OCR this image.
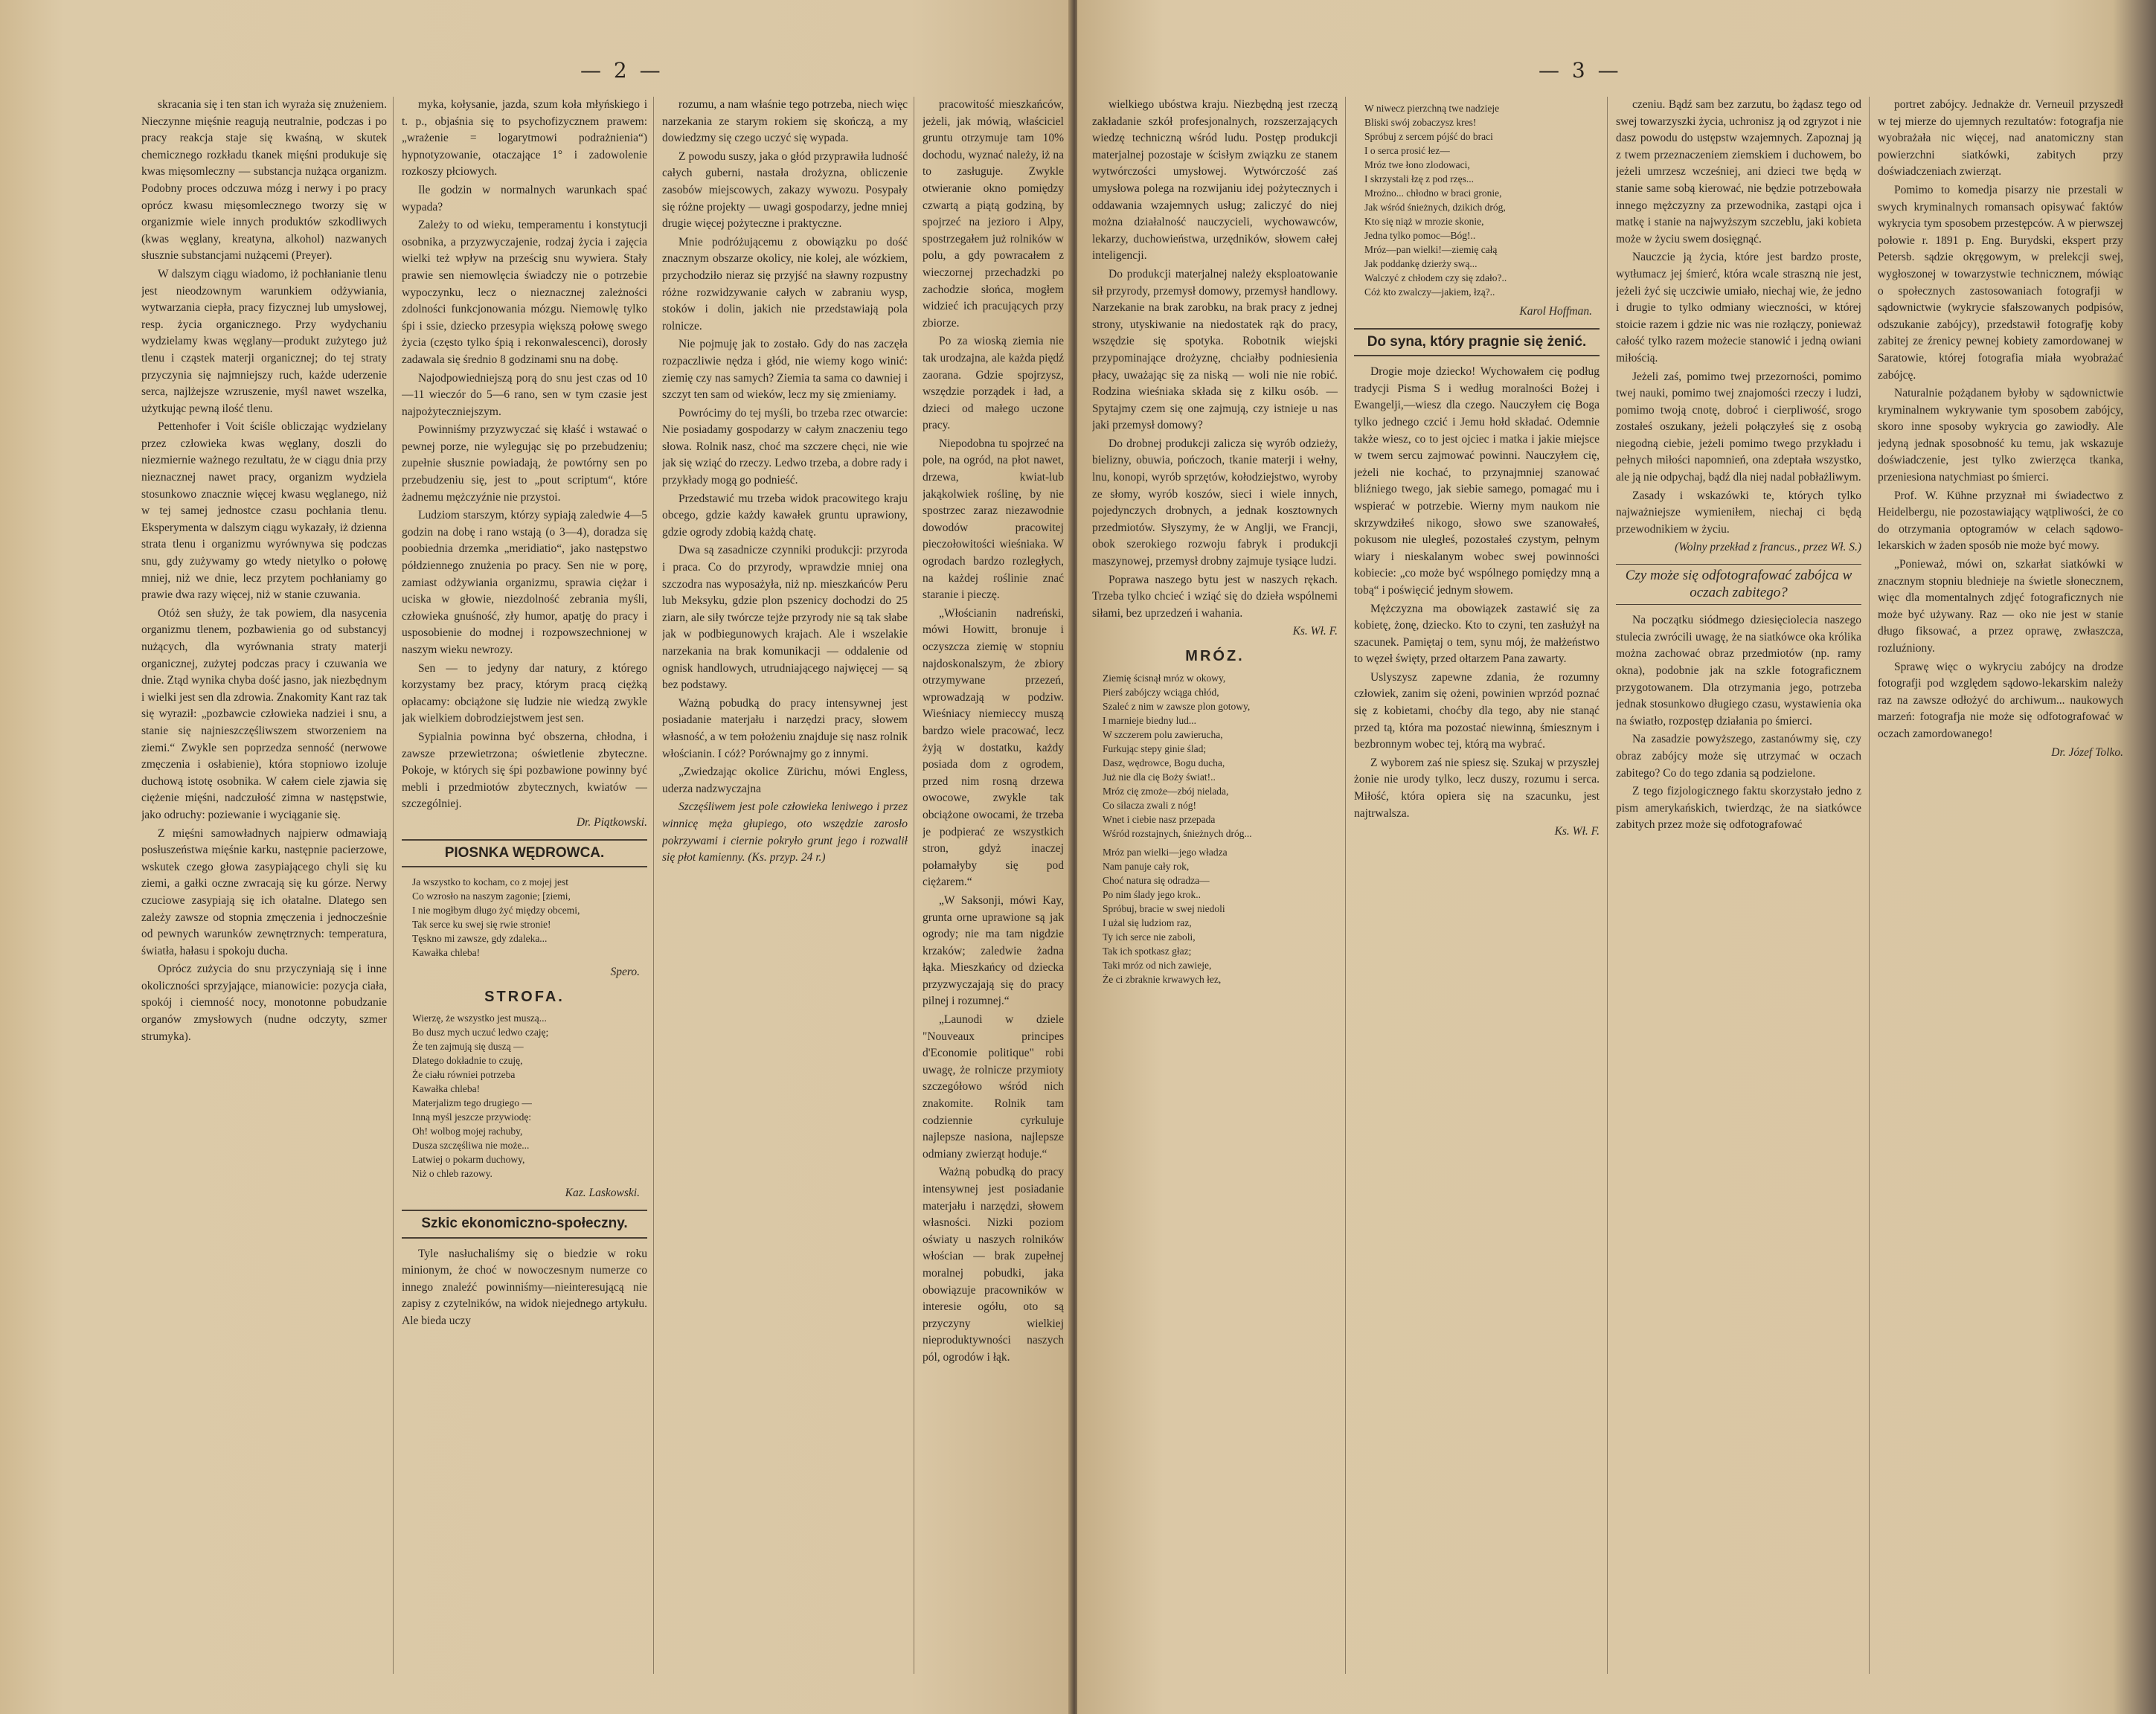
— 2 —

skracania się i ten stan ich wyraża się znużeniem. Nieczynne mięśnie reagują neutralnie, podczas i po pracy reakcja staje się kwaśną, w skutek chemicznego rozkładu tkanek mięśni produkuje się kwas mięsomleczny — substancja nużąca organizm. Podobny proces odczuwa mózg i nerwy i po pracy oprócz kwasu mięsomlecznego tworzy się w organizmie wiele innych produktów szkodliwych (kwas węglany, kreatyna, alkohol) nazwanych słusznie substancjami nużącemi (Preyer).

W dalszym ciągu wiadomo, iż pochłanianie tlenu jest nieodzownym warunkiem odżywiania, wytwarzania ciepła, pracy fizycznej lub umysłowej, resp. życia organicznego. Przy wydychaniu wydzielamy kwas węglany—produkt zużytego już tlenu i cząstek materji organicznej; do tej straty przyczynia się najmniejszy ruch, każde uderzenie serca, najlżejsze wzruszenie, myśl nawet wszelka, użytkując pewną ilość tlenu.

Pettenhofer i Voit ściśle obliczając wydzielany przez człowieka kwas węglany, doszli do niezmiernie ważnego rezultatu, że w ciągu dnia przy nieznacznej nawet pracy, organizm wydziela stosunkowo znacznie więcej kwasu węglanego, niż w tej samej jednostce czasu pochłania tlenu. Eksperymenta w dalszym ciągu wykazały, iż dzienna strata tlenu i organizmu wyrównywa się podczas snu, gdy zużywamy go wtedy nietylko o połowę mniej, niż we dnie, lecz przytem pochłaniamy go prawie dwa razy więcej, niż w stanie czuwania.

Otóż sen służy, że tak powiem, dla nasycenia organizmu tlenem, pozbawienia go od substancyj nużących, dla wyrównania straty materji organicznej, zużytej podczas pracy i czuwania we dnie. Ztąd wynika chyba dość jasno, jak niezbędnym i wielki jest sen dla zdrowia. Znakomity Kant raz tak się wyraził: „pozbawcie człowieka nadziei i snu, a stanie się najnieszczęśliwszem stworzeniem na ziemi.“ Zwykle sen poprzedza senność (nerwowe zmęczenia i osłabienie), która stopniowo izoluje duchową istotę osobnika. W całem ciele zjawia się ciężenie mięśni, nadczułość zimna w następstwie, jako odruchy: poziewanie i wyciąganie się.

Z mięśni samowładnych najpierw odmawiają posłuszeństwa mięśnie karku, następnie pacierzowe, wskutek czego głowa zasypiającego chyli się ku ziemi, a gałki oczne zwracają się ku górze. Nerwy czuciowe zasypiają się ich ołatalne. Dlatego sen zależy zawsze od stopnia zmęczenia i jednocześnie od pewnych warunków zewnętrznych: temperatura, światła, hałasu i spokoju ducha.

Oprócz zużycia do snu przyczyniają się i inne okoliczności sprzyjające, mianowicie: pozycja ciała, spokój i ciemność nocy, monotonne pobudzanie organów zmysłowych (nudne odczyty, szmer strumyka).

myka, kołysanie, jazda, szum koła młyńskiego i t. p., objaśnia się to psychofizycznem prawem: „wrażenie = logarytmowi podrażnienia“) hypnotyzowanie, otaczające 1° i zadowolenie rozkoszy płciowych.

Ile godzin w normalnych warunkach spać wypada?

Zależy to od wieku, temperamentu i konstytucji osobnika, a przyzwyczajenie, rodzaj życia i zajęcia wielki też wpływ na prześcig snu wywiera. Stały prawie sen niemowlęcia świadczy nie o potrzebie wypoczynku, lecz o nieznacznej zależności zdolności funkcjonowania mózgu. Niemowlę tylko śpi i ssie, dziecko przesypia większą połowę swego życia (często tylko śpią i rekonwalescenci), dorosły zadawala się średnio 8 godzinami snu na dobę.

Najodpowiedniejszą porą do snu jest czas od 10—11 wieczór do 5—6 rano, sen w tym czasie jest najpożyteczniejszym.

Powinniśmy przyzwyczać się kłaść i wstawać o pewnej porze, nie wylegując się po przebudzeniu; zupełnie słusznie powiadają, że powtórny sen po przebudzeniu się, jest to „pout scriptum“, które żadnemu mężczyźnie nie przystoi.

Ludziom starszym, którzy sypiają zaledwie 4—5 godzin na dobę i rano wstają (o 3—4), doradza się poobiednia drzemka „meridiatio“, jako następstwo półdziennego znużenia po pracy. Sen nie w porę, zamiast odżywiania organizmu, sprawia ciężar i uciska w głowie, niezdolność zebrania myśli, człowieka gnuśność, zły humor, apatję do pracy i usposobienie do modnej i rozpowszechnionej w naszym wieku newrozy.

Sen — to jedyny dar natury, z którego korzystamy bez pracy, którym pracą ciężką opłacamy: obciążone się ludzie nie wiedzą zwykle jak wielkiem dobrodziejstwem jest sen.

Sypialnia powinna być obszerna, chłodna, i zawsze przewietrzona; oświetlenie zbyteczne. Pokoje, w których się śpi pozbawione powinny być mebli i przedmiotów zbytecznych, kwiatów — szczególniej.

Dr. Piątkowski.

PIOSNKA WĘDROWCA.
Ja wszystko to kocham, co z mojej jest
Co wzrosło na naszym zagonie; [ziemi,
I nie mogłbym długo żyć między obcemi,
Tak serce ku swej się rwie stronie!
Tęskno mi zawsze, gdy zdaleka...
Kawałka chleba!
Spero.
STROFA.
Wierzę, że wszystko jest muszą...
Bo dusz mych uczuć ledwo czaję;
Że ten zajmują się duszą —
Dlatego dokładnie to czuję,
Że ciału równiei potrzeba
Kawałka chleba!
Materjalizm tego drugiego —
Inną myśl jeszcze przywiodę:
Oh! wolbog mojej rachuby,
Dusza szczęśliwa nie może...
Latwiej o pokarm duchowy,
Niż o chleb razowy.
Kaz. Laskowski.
Szkic ekonomiczno-społeczny.

Tyle nasłuchaliśmy się o biedzie w roku minionym, że choć w nowoczesnym numerze co innego znaleźć powinniśmy—nieinteresującą nie zapisy z czytelników, na widok niejednego artykułu. Ale bieda uczy

rozumu, a nam właśnie tego potrzeba, niech więc narzekania ze starym rokiem się skończą, a my dowiedzmy się czego uczyć się wypada.

Z powodu suszy, jaka o głód przyprawiła ludność całych guberni, nastała drożyzna, obliczenie zasobów miejscowych, zakazy wywozu. Posypały się różne projekty — uwagi gospodarzy, jedne mniej drugie więcej pożyteczne i praktyczne.

Mnie podróżującemu z obowiązku po dość znacznym obszarze okolicy, nie kolej, ale wózkiem, przychodziło nieraz się przyjść na sławny rozpustny różne rozwidzywanie całych w zabraniu wysp, stoków i dolin, jakich nie przedstawiają pola rolnicze.

Nie pojmuję jak to zostało. Gdy do nas zaczęła rozpaczliwie nędza i głód, nie wiemy kogo winić: ziemię czy nas samych? Ziemia ta sama co dawniej i szczyt ten sam od wieków, lecz my się zmieniamy.

Powrócimy do tej myśli, bo trzeba rzec otwarcie: Nie posiadamy gospodarzy w całym znaczeniu tego słowa. Rolnik nasz, choć ma szczere chęci, nie wie jak się wziąć do rzeczy. Ledwo trzeba, a dobre rady i przykłady mogą go podnieść.

Przedstawić mu trzeba widok pracowitego kraju obcego, gdzie każdy kawałek gruntu uprawiony, gdzie ogrody zdobią każdą chatę.

Dwa są zasadnicze czynniki produkcji: przyroda i praca. Co do przyrody, wprawdzie mniej ona szczodra nas wyposażyła, niż np. mieszkańców Peru lub Meksyku, gdzie plon pszenicy dochodzi do 25 ziarn, ale siły twórcze tejże przyrody nie są tak słabe jak w podbiegunowych krajach. Ale i wszelakie narzekania na brak komunikacji — oddalenie od ognisk handlowych, utrudniającego najwięcej — są bez podstawy.

Ważną pobudką do pracy intensywnej jest posiadanie materjału i narzędzi pracy, słowem własność, a w tem położeniu znajduje się nasz rolnik włościanin. I cóż? Porównajmy go z innymi.

„Zwiedzając okolice Zürichu, mówi Engless, uderza nadzwyczajna

Szczęśliwem jest pole człowieka leniwego i przez winnicę męża głupiego, oto wszędzie zarosło pokrzywami i ciernie pokryło grunt jego i rozwalił się płot kamienny. (Ks. przyp. 24 r.)

pracowitość mieszkańców, jeżeli, jak mówią, właściciel gruntu otrzymuje tam 10% dochodu, wyznać należy, iż na to zasługuje. Zwykle otwieranie okno pomiędzy czwartą a piątą godziną, by spojrzeć na jezioro i Alpy, spostrzegałem już rolników w polu, a gdy powracałem z wieczornej przechadzki po zachodzie słońca, mogłem widzieć ich pracujących przy zbiorze.

Po za wioską ziemia nie tak urodzajna, ale każda piędź zaorana. Gdzie spojrzysz, wszędzie porządek i ład, a dzieci od małego uczone pracy.

Niepodobna tu spojrzeć na pole, na ogród, na płot nawet, drzewa, kwiat-lub jakąkolwiek roślinę, by nie spostrzec zaraz niezawodnie dowodów pracowitej pieczołowitości wieśniaka. W ogrodach bardzo rozległych, na każdej roślinie znać staranie i pieczę.

„Włościanin nadreński, mówi Howitt, bronuje i oczyszcza ziemię w stopniu najdoskonalszym, że zbiory otrzymywane przezeń, wprowadzają w podziw. Wieśniacy niemieccy muszą bardzo wiele pracować, lecz żyją w dostatku, każdy posiada dom z ogrodem, przed nim rosną drzewa owocowe, zwykle tak obciążone owocami, że trzeba je podpierać ze wszystkich stron, gdyż inaczej połamałyby się pod ciężarem.“

„W Saksonji, mówi Kay, grunta orne uprawione są jak ogrody; nie ma tam nigdzie krzaków; zaledwie żadna łąka. Mieszkańcy od dziecka przyzwyczajają się do pracy pilnej i rozumnej.“

„Launodi w dziele "Nouveaux principes d'Economie politique" robi uwagę, że rolnicze przymioty szczegółowo wśród nich znakomite. Rolnik tam codziennie cyrkuluje najlepsze nasiona, najlepsze odmiany zwierząt hoduje.“

Ważną pobudką do pracy intensywnej jest posiadanie materjału i narzędzi, słowem własności. Nizki poziom oświaty u naszych rolników włościan — brak zupełnej moralnej pobudki, jaka obowiązuje pracowników w interesie ogółu, oto są przyczyny wielkiej nieproduktywności naszych pól, ogrodów i łąk.

— 3 —

wielkiego ubóstwa kraju. Niezbędną jest rzeczą zakładanie szkół profesjonalnych, rozszerzających wiedzę techniczną wśród ludu. Postęp produkcji materjalnej pozostaje w ścisłym związku ze stanem wytwórczości umysłowej. Wytwórczość zaś umysłowa polega na rozwijaniu idej pożytecznych i oddawania wzajemnych usług; zaliczyć do niej można działalność nauczycieli, wychowawców, lekarzy, duchowieństwa, urzędników, słowem całej inteligencji.

Do produkcji materjalnej należy eksploatowanie sił przyrody, przemysł domowy, przemysł handlowy. Narzekanie na brak zarobku, na brak pracy z jednej strony, utyskiwanie na niedostatek rąk do pracy, wszędzie się spotyka. Robotnik wiejski przypominające drożyznę, chciałby podniesienia płacy, uważając się za niską — woli nie nie robić. Rodzina wieśniaka składa się z kilku osób. — Spytajmy czem się one zajmują, czy istnieje u nas jaki przemysł domowy?

Do drobnej produkcji zalicza się wyrób odzieży, bielizny, obuwia, pończoch, tkanie materji i wełny, lnu, konopi, wyrób sprzętów, kołodziejstwo, wyroby ze słomy, wyrób koszów, sieci i wiele innych, pojedynczych drobnych, a jednak kosztownych przedmiotów. Słyszymy, że w Anglji, we Francji, obok szerokiego rozwoju fabryk i produkcji maszynowej, przemysł drobny zajmuje tysiące ludzi.

Poprawa naszego bytu jest w naszych rękach. Trzeba tylko chcieć i wziąć się do dzieła wspólnemi siłami, bez uprzedzeń i wahania.

Ks. Wł. F.

MRÓZ.
Ziemię ścisnął mróz w okowy,
Pierś zabójczy wciąga chłód,
Szaleć z nim w zawsze plon gotowy,
I marnieje biedny lud...
W szczerem polu zawierucha,
Furkując stepy ginie ślad;
Dasz, wędrowce, Bogu ducha,
Już nie dla cię Boży świat!..
Mróz cię zmoże—zbój nielada,
Co silacza zwali z nóg!
Wnet i ciebie nasz przepada
Wśród rozstajnych, śnieżnych dróg...
Mróz pan wielki—jego władza
Nam panuje cały rok,
Choć natura się odradza—
Po nim ślady jego krok..
Spróbuj, bracie w swej niedoli
I użal się ludziom raz,
Ty ich serce nie zaboli,
Tak ich spotkasz głaz;
Taki mróz od nich zawieje,
Że ci zbraknie krwawych łez,
W niwecz pierzchną twe nadzieje
Bliski swój zobaczysz kres!
Spróbuj z sercem pójść do braci
I o serca prosić łez—
Mróz twe łono zlodowaci,
I skrzystali łzę z pod rzęs...
Mroźno... chłodno w braci gronie,
Jak wśród śnieżnych, dzikich dróg,
Kto się niąż w mrozie skonie,
Jedna tylko pomoc—Bóg!..
Mróz—pan wielki!—ziemię całą
Jak poddankę dzierży swą...
Walczyć z chłodem czy się zdało?..
Cóż kto zwalczy—jakiem, łzą?..
Karol Hoffman.
Do syna, który pragnie się żenić.

Drogie moje dziecko! Wychowałem cię podług tradycji Pisma S i według moralności Bożej i Ewangelji,—wiesz dla czego. Nauczyłem cię Boga tylko jednego czcić i Jemu hołd składać. Odemnie także wiesz, co to jest ojciec i matka i jakie miejsce w twem sercu zajmować powinni. Nauczyłem cię, jeżeli nie kochać, to przynajmniej szanować bliźniego twego, jak siebie samego, pomagać mu i wspierać w potrzebie. Wierny mym naukom nie skrzywdziłeś nikogo, słowo swe szanowałeś, pokusom nie uległeś, pozostałeś czystym, pełnym wiary i nieskalanym wobec swej powinności kobiecie: „co może być wspólnego pomiędzy mną a tobą“ i poświęcić jednym słowem.

Mężczyzna ma obowiązek zastawić się za kobietę, żonę, dziecko. Kto to czyni, ten zasłużył na szacunek. Pamiętaj o tem, synu mój, że małżeństwo to węzeł święty, przed ołtarzem Pana zawarty.

Uslyszysz zapewne zdania, że rozumny człowiek, zanim się ożeni, powinien wprzód poznać się z kobietami, choćby dla tego, aby nie stanąć przed tą, która ma pozostać niewinną, śmiesznym i bezbronnym wobec tej, którą ma wybrać.

Z wyborem zaś nie spiesz się. Szukaj w przyszłej żonie nie urody tylko, lecz duszy, rozumu i serca. Miłość, która opiera się na szacunku, jest najtrwalsza.

Ks. Wł. F.

czeniu. Bądź sam bez zarzutu, bo żądasz tego od swej towarzyszki życia, uchronisz ją od zgryzot i nie dasz powodu do ustępstw wzajemnych. Zapoznaj ją z twem przeznaczeniem ziemskiem i duchowem, bo jeżeli umrzesz wcześniej, ani dzieci twe będą w stanie same sobą kierować, nie będzie potrzebowała innego mężczyzny za przewodnika, zastąpi ojca i matkę i stanie na najwyższym szczeblu, jaki kobieta może w życiu swem dosięgnąć.

Nauczcie ją życia, które jest bardzo proste, wytłumacz jej śmierć, która wcale straszną nie jest, jeżeli żyć się uczciwie umiało, niechaj wie, że jedno i drugie to tylko odmiany wieczności, w której stoicie razem i gdzie nic was nie rozłączy, ponieważ całość tylko razem możecie stanowić i jedną owiani miłością.

Jeżeli zaś, pomimo twej przezorności, pomimo twej nauki, pomimo twej znajomości rzeczy i ludzi, pomimo twoją cnotę, dobroć i cierpliwość, srogo zostałeś oszukany, jeżeli połączyłeś się z osobą niegodną ciebie, jeżeli pomimo twego przykładu i pełnych miłości napomnień, ona zdeptała wszystko, ale ją nie odpychaj, bądź dla niej nadal pobłażliwym.

Zasady i wskazówki te, których tylko najważniejsze wymieniłem, niechaj ci będą przewodnikiem w życiu.

(Wolny przekład z francus., przez Wł. S.)

Czy może się odfotografować zabójca w oczach zabitego?

Na początku siódmego dziesięciolecia naszego stulecia zwrócili uwagę, że na siatkówce oka królika można zachować obraz przedmiotów (np. ramy okna), podobnie jak na szkle fotograficznem przygotowanem. Dla otrzymania jego, potrzeba jednak stosunkowo długiego czasu, wystawienia oka na światło, rozpostęp działania po śmierci.

Na zasadzie powyższego, zastanówmy się, czy obraz zabójcy może się utrzymać w oczach zabitego? Co do tego zdania są podzielone.

Z tego fizjologicznego faktu skorzystało jedno z pism amerykańskich, twierdząc, że na siatkówce zabitych przez może się odfotografować

portret zabójcy. Jednakże dr. Verneuil przyszedł w tej mierze do ujemnych rezultatów: fotografja nie wyobrażała nic więcej, nad anatomiczny stan powierzchni siatkówki, zabitych przy doświadczeniach zwierząt.

Pomimo to komedja pisarzy nie przestali w swych kryminalnych romansach opisywać faktów wykrycia tym sposobem przestępców. A w pierwszej połowie r. 1891 p. Eng. Burydski, ekspert przy Petersb. sądzie okręgowym, w prelekcji swej, wygłoszonej w towarzystwie technicznem, mówiąc o społecznych zastosowaniach fotografji w sądownictwie (wykrycie sfałszowanych podpisów, odszukanie zabójcy), przedstawił fotografję koby zabitej ze źrenicy pewnej kobiety zamordowanej w Saratowie, której fotografia miała wyobrażać zabójcę.

Naturalnie pożądanem byłoby w sądownictwie kryminalnem wykrywanie tym sposobem zabójcy, skoro inne sposoby wykrycia go zawiodły. Ale jedyną jednak sposobność ku temu, jak wskazuje doświadczenie, jest tylko zwierzęca tkanka, przeniesiona natychmiast po śmierci.

Prof. W. Kühne przyznał mi świadectwo z Heidelbergu, nie pozostawiający wątpliwości, że co do otrzymania optogramów w celach sądowo-lekarskich w żaden sposób nie może być mowy.

„Ponieważ, mówi on, szkarłat siatkówki w znacznym stopniu blednieje na świetle słonecznem, więc dla momentalnych zdjęć fotograficznych nie może być używany. Raz — oko nie jest w stanie długo fiksować, a przez oprawę, zwłaszcza, rozluźniony.

Sprawę więc o wykryciu zabójcy na drodze fotografji pod względem sądowo-lekarskim należy raz na zawsze odłożyć do archiwum... naukowych marzeń: fotografja nie może się odfotografować w oczach zamordowanego!

Dr. Józef Tolko.
